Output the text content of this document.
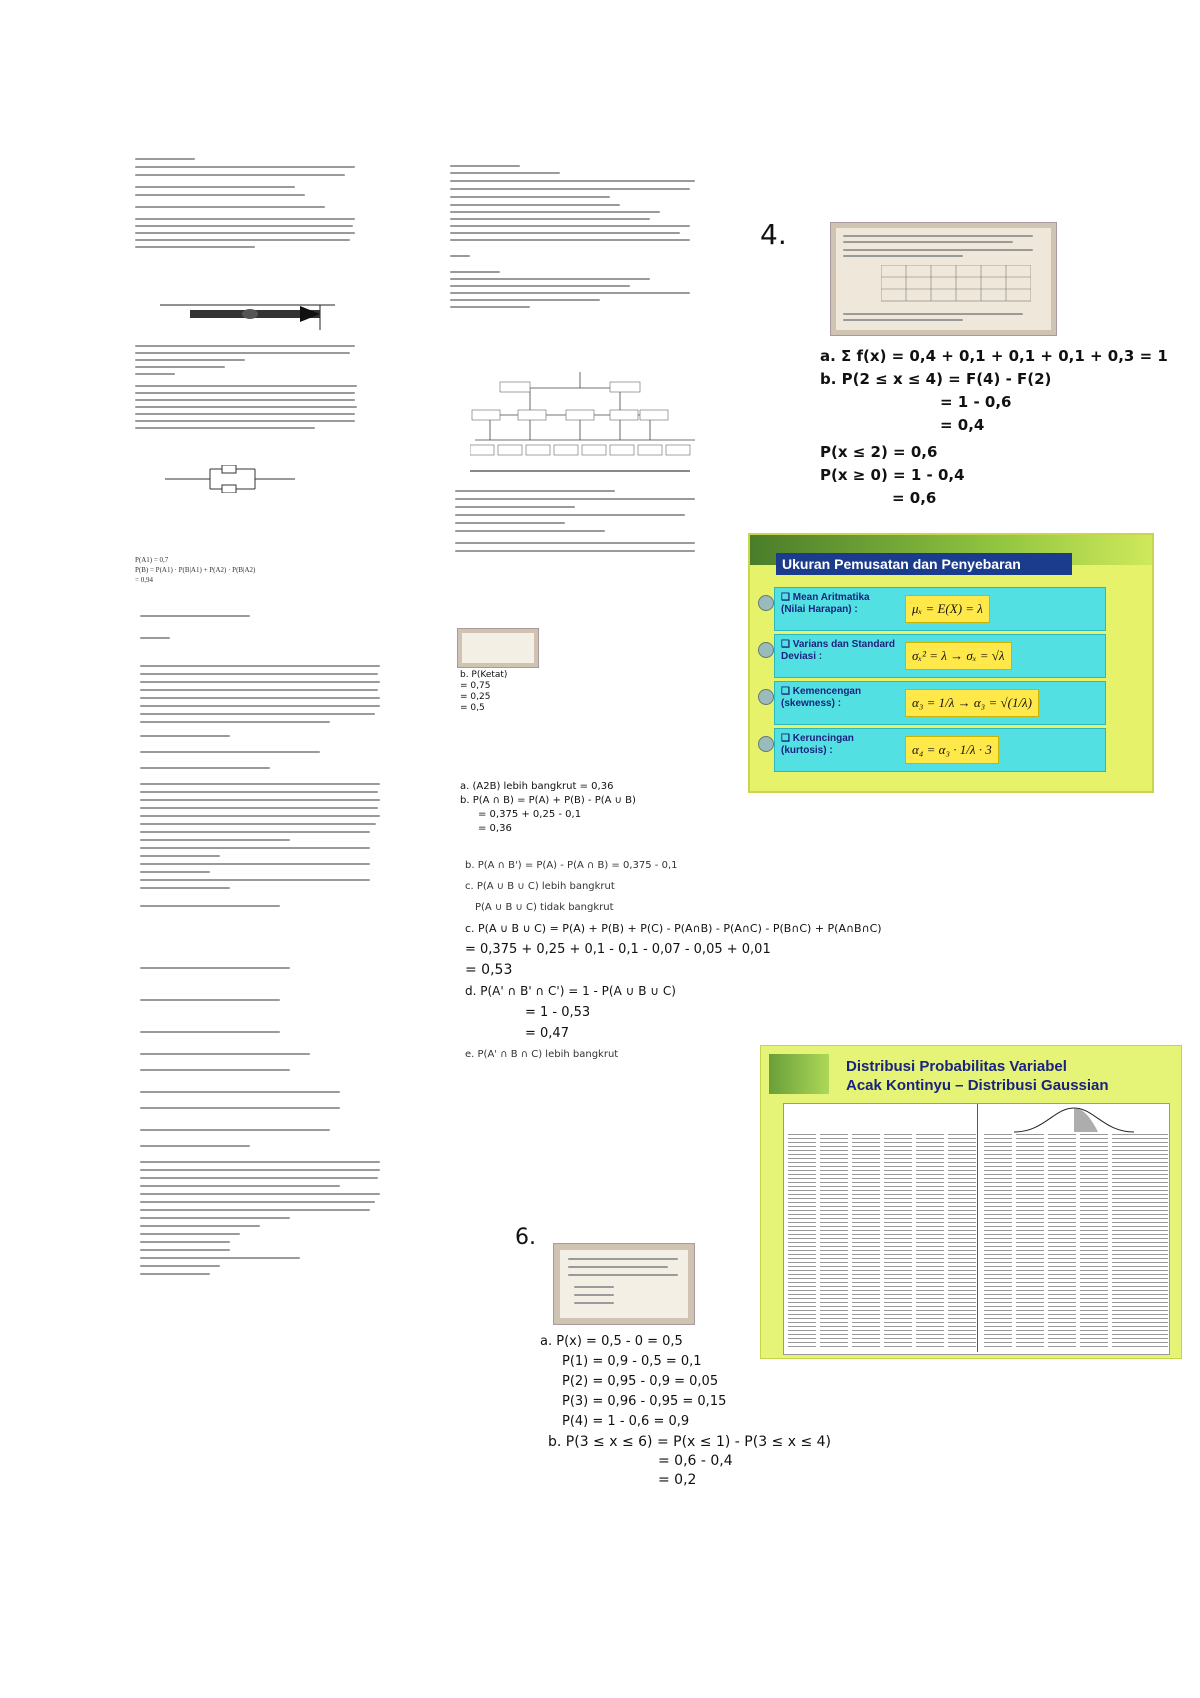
P(A1) = 0,7
P(B) = P(A1) · P(B|A1) + P(A2) · P(B|A2)
= 0,94
b. P(Ketat)
= 0,75
= 0,25
= 0,5
a. (A2B) lebih bangkrut = 0,36
b. P(A ∩ B) = P(A) + P(B) - P(A ∪ B)
= 0,375 + 0,25 - 0,1
= 0,36
b. P(A ∩ B') = P(A) - P(A ∩ B) = 0,375 - 0,1
c. P(A ∪ B ∪ C) lebih bangkrut
P(A ∪ B ∪ C) tidak bangkrut
c. P(A ∪ B ∪ C) = P(A) + P(B) + P(C) - P(A∩B) - P(A∩C) - P(B∩C) + P(A∩B∩C)
= 0,375 + 0,25 + 0,1 - 0,1 - 0,07 - 0,05 + 0,01
= 0,53
d. P(A' ∩ B' ∩ C') = 1 - P(A ∪ B ∪ C)
= 1 - 0,53
= 0,47
e. P(A' ∩ B ∩ C) lebih bangkrut
6.
a. P(x) = 0,5 - 0 = 0,5
P(1) = 0,9 - 0,5 = 0,1
P(2) = 0,95 - 0,9 = 0,05
P(3) = 0,96 - 0,95 = 0,15
P(4) = 1 - 0,6 = 0,9
b. P(3 ≤ x ≤ 6) = P(x ≤ 1) - P(3 ≤ x ≤ 4)
= 0,6 - 0,4
= 0,2
4.
a. Σ f(x) = 0,4 + 0,1 + 0,1 + 0,1 + 0,3 = 1
b. P(2 ≤ x ≤ 4) = F(4) - F(2)
= 1 - 0,6
= 0,4
P(x ≤ 2) = 0,6
P(x ≥ 0) = 1 - 0,4
= 0,6
Ukuran Pemusatan dan Penyebaran
❑ Mean Aritmatika (Nilai Harapan) :	μₓ = E(X) = λ
❑ Varians dan Standard Deviasi :	σₓ² = λ → σₓ = √λ
❑ Kemencengan (skewness) :	α₃ = 1/λ → α₃ = √(1/λ)
❑ Keruncingan (kurtosis) :	α₄ = α₃ · 1/λ · 3
Distribusi Probabilitas Variabel
Acak Kontinyu – Distribusi Gaussian
